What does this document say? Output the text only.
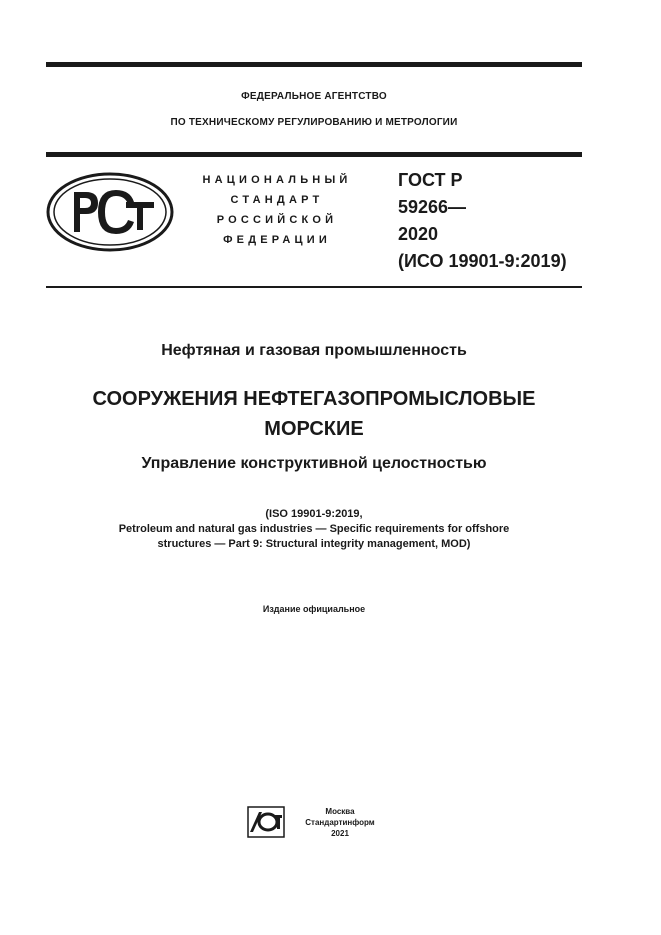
ФЕДЕРАЛЬНОЕ АГЕНТСТВО
ПО ТЕХНИЧЕСКОМУ РЕГУЛИРОВАНИЮ И МЕТРОЛОГИИ
НАЦИОНАЛЬНЫЙ
СТАНДАРТ
РОССИЙСКОЙ
ФЕДЕРАЦИИ
ГОСТ Р
59266—
2020
(ИСО 19901-9:2019)
Нефтяная и газовая промышленность
СООРУЖЕНИЯ НЕФТЕГАЗОПРОМЫСЛОВЫЕ
МОРСКИЕ
Управление конструктивной целостностью
(ISO 19901-9:2019,
Petroleum and natural gas industries — Specific requirements for offshore
structures — Part 9: Structural integrity management, MOD)
Издание официальное
Москва
Стандартинформ
2021
